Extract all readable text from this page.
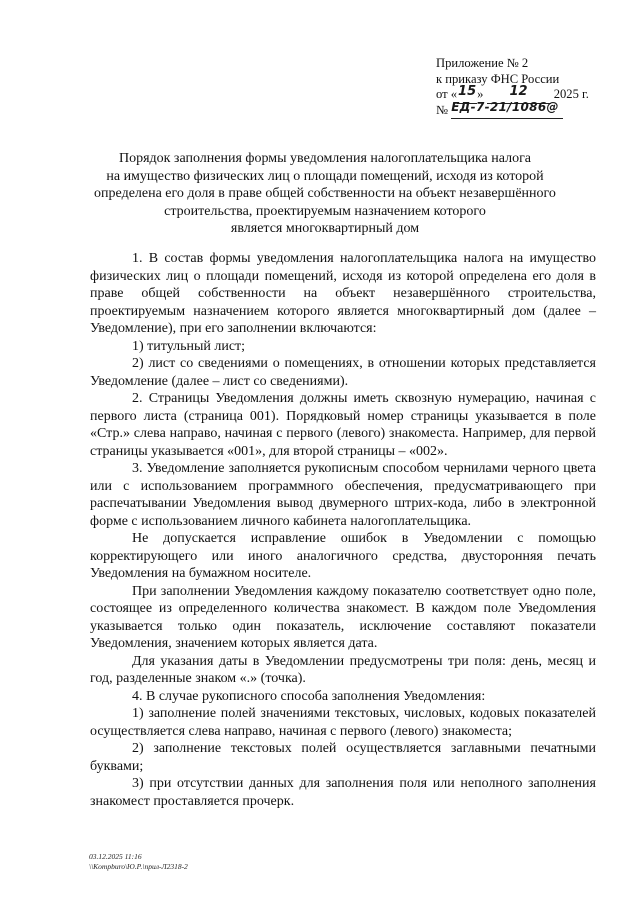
Приложение № 2
к приказу ФНС России
от «15» 12 2025 г.
№ ЕД-7-21/1086@
Порядок заполнения формы уведомления налогоплательщика налога
на имущество физических лиц о площади помещений, исходя из которой
определена его доля в праве общей собственности на объект незавершённого
строительства, проектируемым назначением которого
является многоквартирный дом

1. В состав формы уведомления налогоплательщика налога на имущество физических лиц о площади помещений, исходя из которой определена его доля в праве общей собственности на объект незавершённого строительства, проектируемым назначением которого является многоквартирный дом (далее – Уведомление), при его заполнении включаются:

1) титульный лист;

2) лист со сведениями о помещениях, в отношении которых представляется Уведомление (далее – лист со сведениями).

2. Страницы Уведомления должны иметь сквозную нумерацию, начиная с первого листа (страница 001). Порядковый номер страницы указывается в поле «Стр.» слева направо, начиная с первого (левого) знакоместа. Например, для первой страницы указывается «001», для второй страницы – «002».

3. Уведомление заполняется рукописным способом чернилами черного цвета или с использованием программного обеспечения, предусматривающего при распечатывании Уведомления вывод двумерного штрих-кода, либо в электронной форме с использованием личного кабинета налогоплательщика.

Не допускается исправление ошибок в Уведомлении с помощью корректирующего или иного аналогичного средства, двусторонняя печать Уведомления на бумажном носителе.

При заполнении Уведомления каждому показателю соответствует одно поле, состоящее из определенного количества знакомест. В каждом поле Уведомления указывается только один показатель, исключение составляют показатели Уведомления, значением которых является дата.

Для указания даты в Уведомлении предусмотрены три поля: день, месяц и год, разделенные знаком «.» (точка).

4. В случае рукописного способа заполнения Уведомления:

1) заполнение полей значениями текстовых, числовых, кодовых показателей осуществляется слева направо, начиная с первого (левого) знакоместа;

2) заполнение текстовых полей осуществляется заглавными печатными буквами;

3) при отсутствии данных для заполнения поля или неполного заполнения знакомест проставляется прочерк.

03.12.2025 11:16
\\Kompburo\Ю.Р.\прил-Л2318-2
